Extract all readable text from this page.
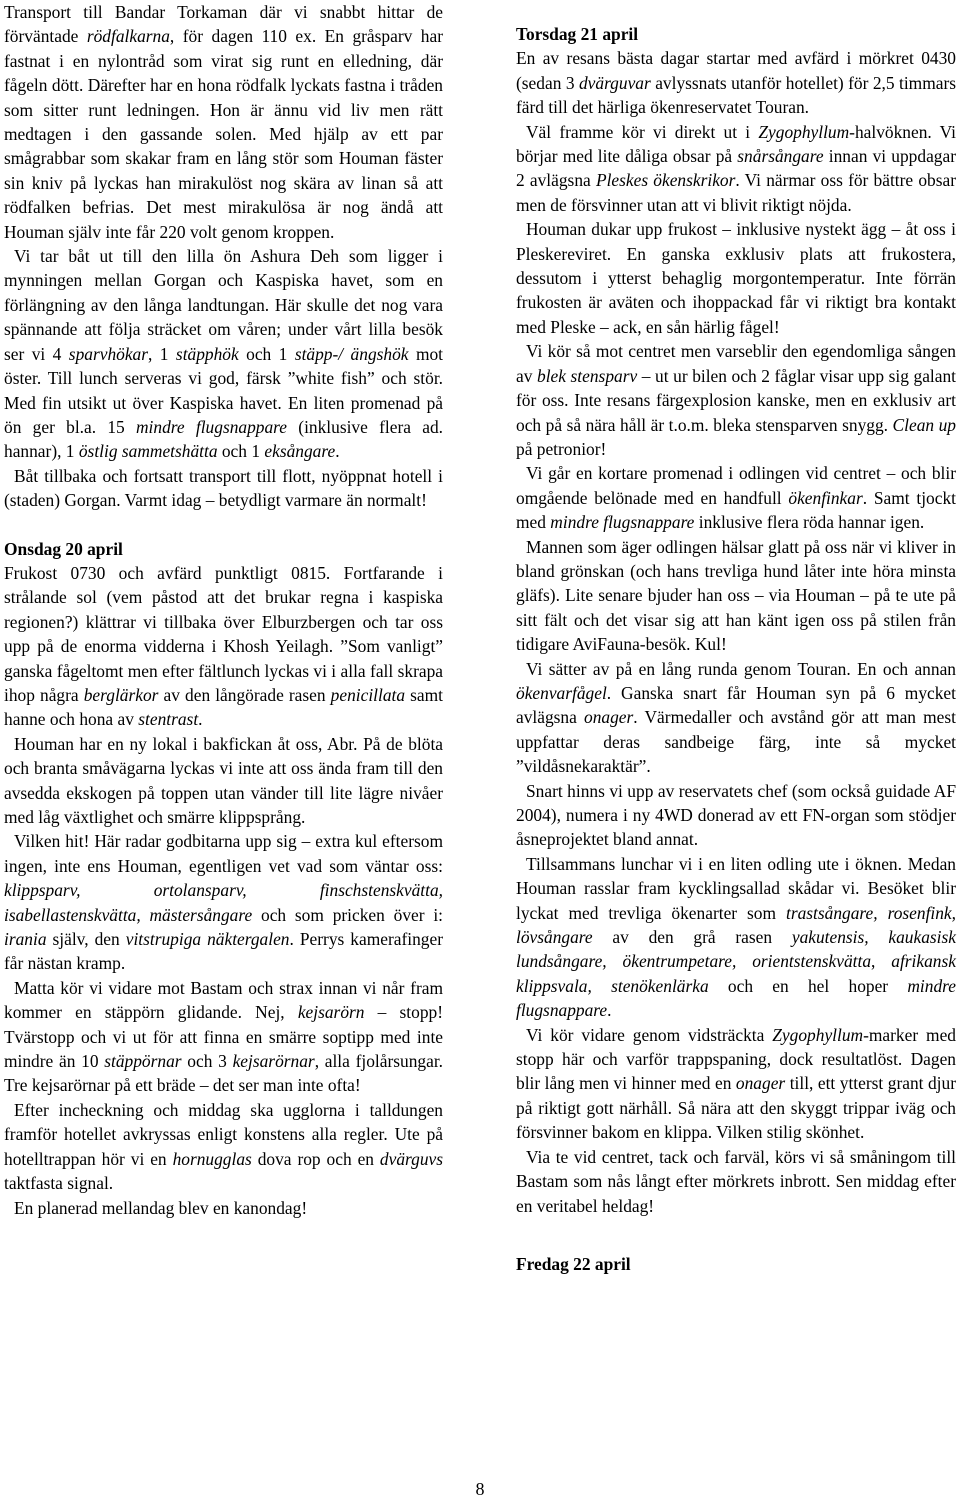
Transport till Bandar Torkaman där vi snabbt hittar de förväntade rödfalkarna, för dagen 110 ex. En gråsparv har fastnat i en nylontråd som virat sig runt en elledning, där fågeln dött. Därefter har en hona rödfalk lyckats fastna i tråden som sitter runt ledningen. Hon är ännu vid liv men rätt medtagen i den gassande solen. Med hjälp av ett par smågrabbar som skakar fram en lång stör som Houman fäster sin kniv på lyckas han mirakulöst nog skära av linan så att rödfalken befrias. Det mest mirakulösa är nog ändå att Houman själv inte får 220 volt genom kroppen.

Vi tar båt ut till den lilla ön Ashura Deh som ligger i mynningen mellan Gorgan och Kaspiska havet, som en förlängning av den långa landtungan. Här skulle det nog vara spännande att följa sträcket om våren; under vårt lilla besök ser vi 4 sparvhökar, 1 stäpphök och 1 stäpp-/ ängshök mot öster. Till lunch serveras vi god, färsk ”white fish” och stör. Med fin utsikt ut över Kaspiska havet. En liten promenad på ön ger bl.a. 15 mindre flugsnappare (inklusive flera ad. hannar), 1 östlig sammetshätta och 1 eksångare.

Båt tillbaka och fortsatt transport till flott, nyöppnat hotell i (staden) Gorgan. Varmt idag – betydligt varmare än normalt!

Onsdag 20 april

Frukost 0730 och avfärd punktligt 0815. Fortfarande i strålande sol (vem påstod att det brukar regna i kaspiska regionen?) klättrar vi tillbaka över Elburzbergen och tar oss upp på de enorma vidderna i Khosh Yeilagh. ”Som vanligt” ganska fågeltomt men efter fältlunch lyckas vi i alla fall skrapa ihop några berglärkor av den långörade rasen penicillata samt hanne och hona av stentrast.

Houman har en ny lokal i bakfickan åt oss, Abr. På de blöta och branta småvägarna lyckas vi inte att oss ända fram till den avsedda ekskogen på toppen utan vänder till lite lägre nivåer med låg växtlighet och smärre klippsprång.

Vilken hit! Här radar godbitarna upp sig – extra kul eftersom ingen, inte ens Houman, egentligen vet vad som väntar oss: klippsparv, ortolansparv, finschstenskvätta, isabellastenskvätta, mästersångare och som pricken över i: irania själv, den vitstrupiga näktergalen. Perrys kamerafinger får nästan kramp.

Matta kör vi vidare mot Bastam och strax innan vi når fram kommer en stäppörn glidande. Nej, kejsarörn – stopp! Tvärstopp och vi ut för att finna en smärre soptipp med inte mindre än 10 stäppörnar och 3 kejsarörnar, alla fjolårsungar. Tre kejsarörnar på ett bräde – det ser man inte ofta!

Efter incheckning och middag ska ugglorna i talldungen framför hotellet avkryssas enligt konstens alla regler. Ute på hotelltrappan hör vi en hornugglas dova rop och en dvärguvs taktfasta signal.

En planerad mellandag blev en kanondag!

Torsdag 21 april

En av resans bästa dagar startar med avfärd i mörkret 0430 (sedan 3 dvärguvar avlyssnats utanför hotellet) för 2,5 timmars färd till det härliga ökenreservatet Touran.

Väl framme kör vi direkt ut i Zygophyllum-halvöknen. Vi börjar med lite dåliga obsar på snårsångare innan vi uppdagar 2 avlägsna Pleskes ökenskrikor. Vi närmar oss för bättre obsar men de försvinner utan att vi blivit riktigt nöjda.

Houman dukar upp frukost – inklusive nystekt ägg – åt oss i Pleskereviret. En ganska exklusiv plats att frukostera, dessutom i ytterst behaglig morgontemperatur. Inte förrän frukosten är aväten och ihoppackad får vi riktigt bra kontakt med Pleske – ack, en sån härlig fågel!

Vi kör så mot centret men varseblir den egendomliga sången av blek stensparv – ut ur bilen och 2 fåglar visar upp sig galant för oss. Inte resans färgexplosion kanske, men en exklusiv art och på så nära håll är t.o.m. bleka stensparven snygg. Clean up på petronior!

Vi går en kortare promenad i odlingen vid centret – och blir omgående belönade med en handfull ökenfinkar. Samt tjockt med mindre flugsnappare inklusive flera röda hannar igen.

Mannen som äger odlingen hälsar glatt på oss när vi kliver in bland grönskan (och hans trevliga hund låter inte höra minsta gläfs). Lite senare bjuder han oss – via Houman – på te ute på sitt fält och det visar sig att han känt igen oss på stilen från tidigare AviFauna-besök. Kul!

Vi sätter av på en lång runda genom Touran. En och annan ökenvarfågel. Ganska snart får Houman syn på 6 mycket avlägsna onager. Värmedaller och avstånd gör att man mest uppfattar deras sandbeige färg, inte så mycket ”vildåsnekaraktär”.

Snart hinns vi upp av reservatets chef (som också guidade AF 2004), numera i ny 4WD donerad av ett FN-organ som stödjer åsneprojektet bland annat.

Tillsammans lunchar vi i en liten odling ute i öknen. Medan Houman rasslar fram kycklingsallad skådar vi. Besöket blir lyckat med trevliga ökenarter som trastsångare, rosenfink, lövsångare av den grå rasen yakutensis, kaukasisk lundsångare, ökentrumpetare, orientstenskvätta, afrikansk klippsvala, stenökenlärka och en hel hoper mindre flugsnappare.

Vi kör vidare genom vidsträckta Zygophyllum-marker med stopp här och varför trappspaning, dock resultatlöst. Dagen blir lång men vi hinner med en onager till, ett ytterst grant djur på riktigt gott närhåll. Så nära att den skyggt trippar iväg och försvinner bakom en klippa. Vilken stilig skönhet.

Via te vid centret, tack och farväl, körs vi så småningom till Bastam som nås långt efter mörkrets inbrott. Sen middag efter en veritabel heldag!

Fredag 22 april
8
